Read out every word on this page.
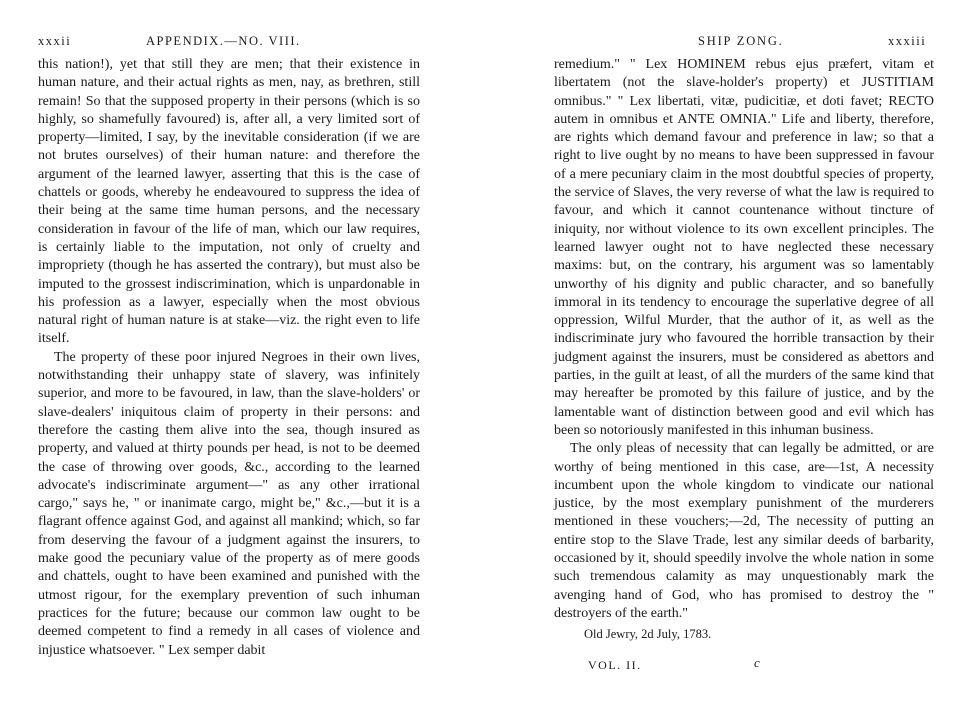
xxxii	APPENDIX.—NO. VIII.

this nation!), yet that still they are men; that their existence in human nature, and their actual rights as men, nay, as brethren, still remain! So that the supposed property in their persons (which is so highly, so shamefully favoured) is, after all, a very limited sort of property—limited, I say, by the inevitable consideration (if we are not brutes ourselves) of their human nature: and therefore the argument of the learned lawyer, asserting that this is the case of chattels or goods, whereby he endeavoured to suppress the idea of their being at the same time human persons, and the necessary consideration in favour of the life of man, which our law requires, is certainly liable to the imputation, not only of cruelty and impropriety (though he has asserted the contrary), but must also be imputed to the grossest indiscrimination, which is unpardonable in his profession as a lawyer, especially when the most obvious natural right of human nature is at stake—viz. the right even to life itself.

The property of these poor injured Negroes in their own lives, notwithstanding their unhappy state of slavery, was infinitely superior, and more to be favoured, in law, than the slave-holders' or slave-dealers' iniquitous claim of property in their persons: and therefore the casting them alive into the sea, though insured as property, and valued at thirty pounds per head, is not to be deemed the case of throwing over goods, &c., according to the learned advocate's indiscriminate argument—" as any other irrational cargo," says he, " or inanimate cargo, might be," &c.,—but it is a flagrant offence against God, and against all mankind; which, so far from deserving the favour of a judgment against the insurers, to make good the pecuniary value of the property as of mere goods and chattels, ought to have been examined and punished with the utmost rigour, for the exemplary prevention of such inhuman practices for the future; because our common law ought to be deemed competent to find a remedy in all cases of violence and injustice whatsoever. " Lex semper dabit

SHIP ZONG.	xxxiii

remedium." " Lex HOMINEM rebus ejus præfert, vitam et libertatem (not the slave-holder's property) et JUSTITIAM omnibus." " Lex libertati, vitæ, pudicitiæ, et doti favet; RECTO autem in omnibus et ANTE OMNIA." Life and liberty, therefore, are rights which demand favour and preference in law; so that a right to live ought by no means to have been suppressed in favour of a mere pecuniary claim in the most doubtful species of property, the service of Slaves, the very reverse of what the law is required to favour, and which it cannot countenance without tincture of iniquity, nor without violence to its own excellent principles. The learned lawyer ought not to have neglected these necessary maxims: but, on the contrary, his argument was so lamentably unworthy of his dignity and public character, and so banefully immoral in its tendency to encourage the superlative degree of all oppression, Wilful Murder, that the author of it, as well as the indiscriminate jury who favoured the horrible transaction by their judgment against the insurers, must be considered as abettors and parties, in the guilt at least, of all the murders of the same kind that may hereafter be promoted by this failure of justice, and by the lamentable want of distinction between good and evil which has been so notoriously manifested in this inhuman business.

The only pleas of necessity that can legally be admitted, or are worthy of being mentioned in this case, are—1st, A necessity incumbent upon the whole kingdom to vindicate our national justice, by the most exemplary punishment of the murderers mentioned in these vouchers;—2d, The necessity of putting an entire stop to the Slave Trade, lest any similar deeds of barbarity, occasioned by it, should speedily involve the whole nation in some such tremendous calamity as may unquestionably mark the avenging hand of God, who has promised to destroy the " destroyers of the earth."

Old Jewry, 2d July, 1783.
VOL. II.	c
